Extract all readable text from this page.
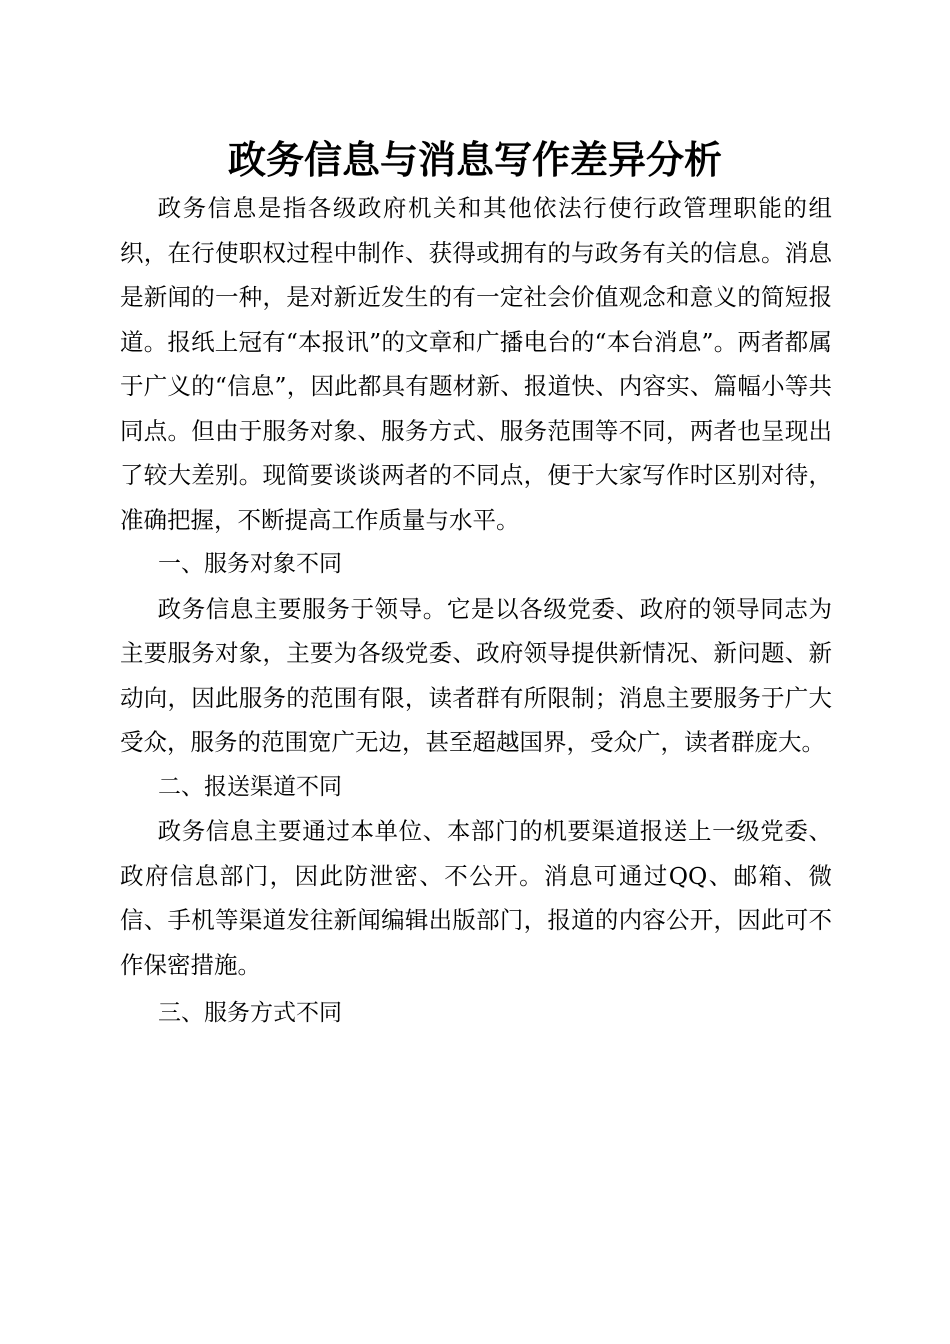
政务信息与消息写作差异分析

政务信息是指各级政府机关和其他依法行使行政管理职能的组织，在行使职权过程中制作、获得或拥有的与政务有关的信息。消息是新闻的一种，是对新近发生的有一定社会价值观念和意义的简短报道。报纸上冠有“本报讯”的文章和广播电台的“本台消息”。两者都属于广义的“信息”，因此都具有题材新、报道快、内容实、篇幅小等共同点。但由于服务对象、服务方式、服务范围等不同，两者也呈现出了较大差别。现简要谈谈两者的不同点，便于大家写作时区别对待，准确把握，不断提高工作质量与水平。

一、服务对象不同

政务信息主要服务于领导。它是以各级党委、政府的领导同志为主要服务对象，主要为各级党委、政府领导提供新情况、新问题、新动向，因此服务的范围有限，读者群有所限制；消息主要服务于广大受众，服务的范围宽广无边，甚至超越国界，受众广，读者群庞大。

二、报送渠道不同

政务信息主要通过本单位、本部门的机要渠道报送上一级党委、政府信息部门，因此防泄密、不公开。消息可通过QQ、邮箱、微信、手机等渠道发往新闻编辑出版部门，报道的内容公开，因此可不作保密措施。

三、服务方式不同
